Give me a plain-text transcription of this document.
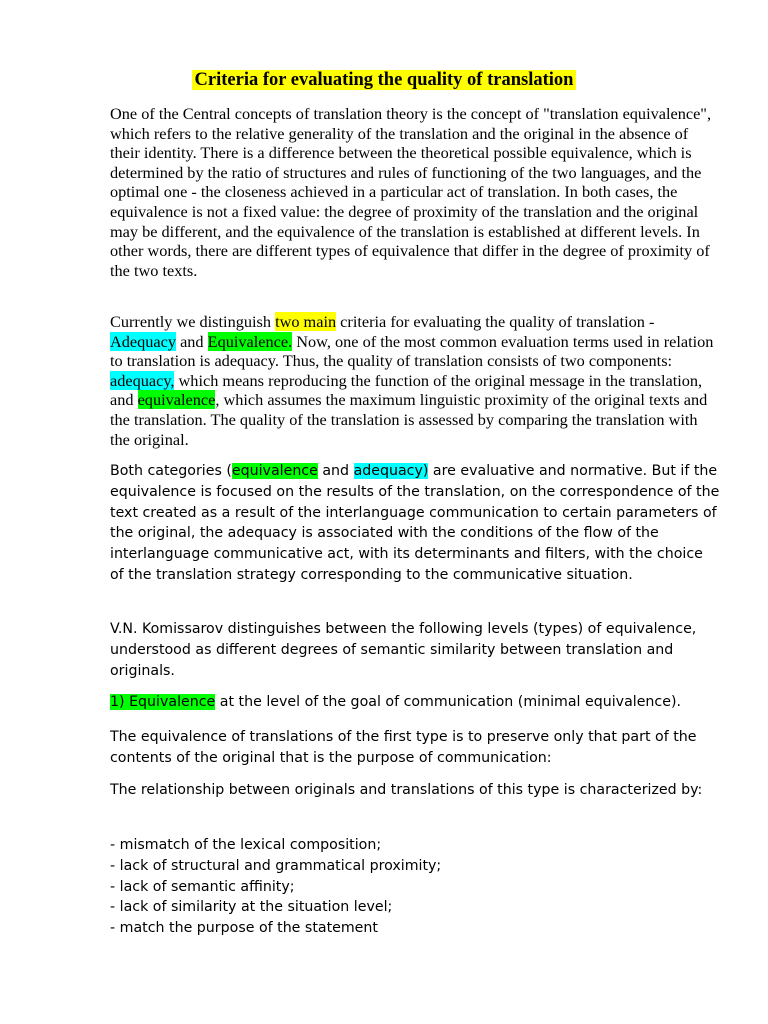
Criteria for evaluating the quality of translation

One of the Central concepts of translation theory is the concept of "translation equivalence", which refers to the relative generality of the translation and the original in the absence of their identity. There is a difference between the theoretical possible equivalence, which is determined by the ratio of structures and rules of functioning of the two languages, and the optimal one - the closeness achieved in a particular act of translation. In both cases, the equivalence is not a fixed value: the degree of proximity of the translation and the original may be different, and the equivalence of the translation is established at different levels. In other words, there are different types of equivalence that differ in the degree of proximity of the two texts.

Currently we distinguish two main criteria for evaluating the quality of translation - Adequacy and Equivalence. Now, one of the most common evaluation terms used in relation to translation is adequacy. Thus, the quality of translation consists of two components: adequacy, which means reproducing the function of the original message in the translation, and equivalence, which assumes the maximum linguistic proximity of the original texts and the translation. The quality of the translation is assessed by comparing the translation with the original.

Both categories (equivalence and adequacy) are evaluative and normative. But if the equivalence is focused on the results of the translation, on the correspondence of the text created as a result of the interlanguage communication to certain parameters of the original, the adequacy is associated with the conditions of the flow of the interlanguage communicative act, with its determinants and filters, with the choice of the translation strategy corresponding to the communicative situation.

V.N. Komissarov distinguishes between the following levels (types) of equivalence, understood as different degrees of semantic similarity between translation and originals.

1) Equivalence at the level of the goal of communication (minimal equivalence).

The equivalence of translations of the first type is to preserve only that part of the contents of the original that is the purpose of communication:

The relationship between originals and translations of this type is characterized by:

- mismatch of the lexical composition;
- lack of structural and grammatical proximity;
- lack of semantic affinity;
- lack of similarity at the situation level;
- match the purpose of the statement
